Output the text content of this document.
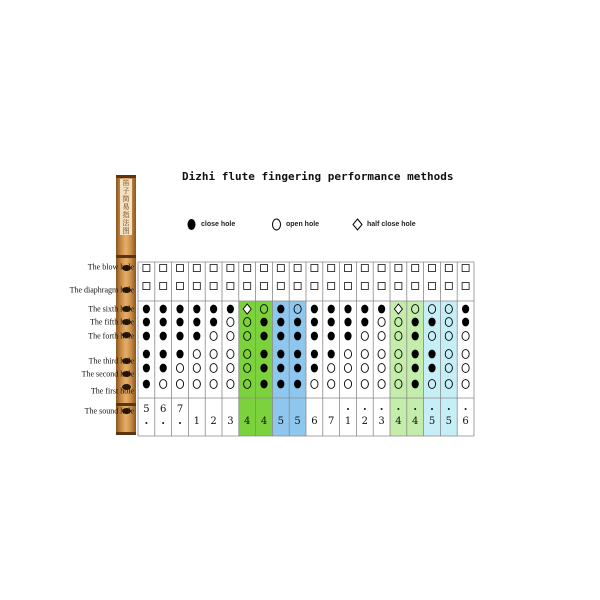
Dizhi flute fingering performance methods
close hole	open hole	half close hole
笛子简易指法图
The blow hole
The diaphragm hole
The sixth hole
The fifth hole
The forth hole
The third hole
The second hole
The first hole
The sound hole 5 6 7
1 2 3 4 4 5 5 6 7 1 2 3 4 4 5 5 6
